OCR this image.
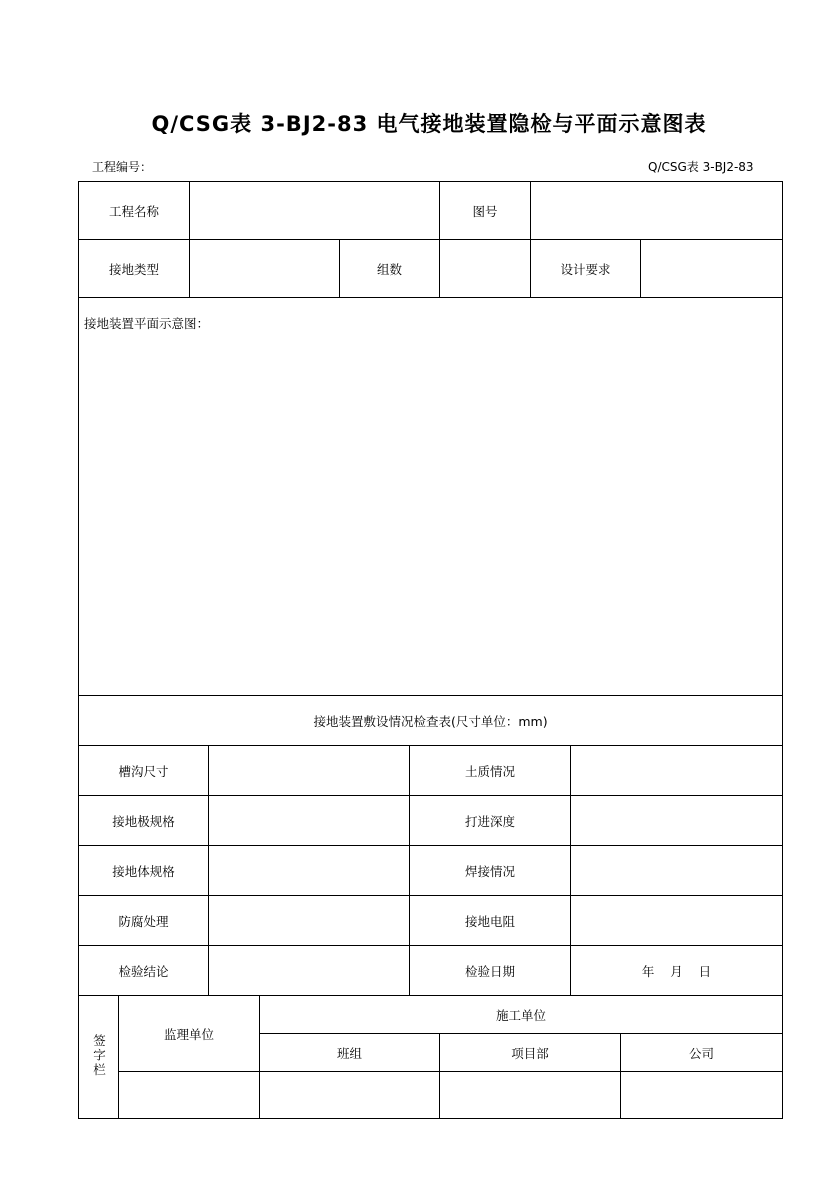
Q/CSG表 3-BJ2-83 电气接地装置隐检与平面示意图表
工程编号：	Q/CSG表 3-BJ2-83
工程名称			图号		
接地类型		组数		设计要求	
接地装置平面示意图：					
接地装置敷设情况检查表(尺寸单位：mm)			
槽沟尺寸		土质情况	
接地极规格		打进深度	
接地体规格		焊接情况	
防腐处理		接地电阻	
检验结论		检验日期	年    月    日
签字栏	监理单位	施工单位		
		班组	项目部	公司
